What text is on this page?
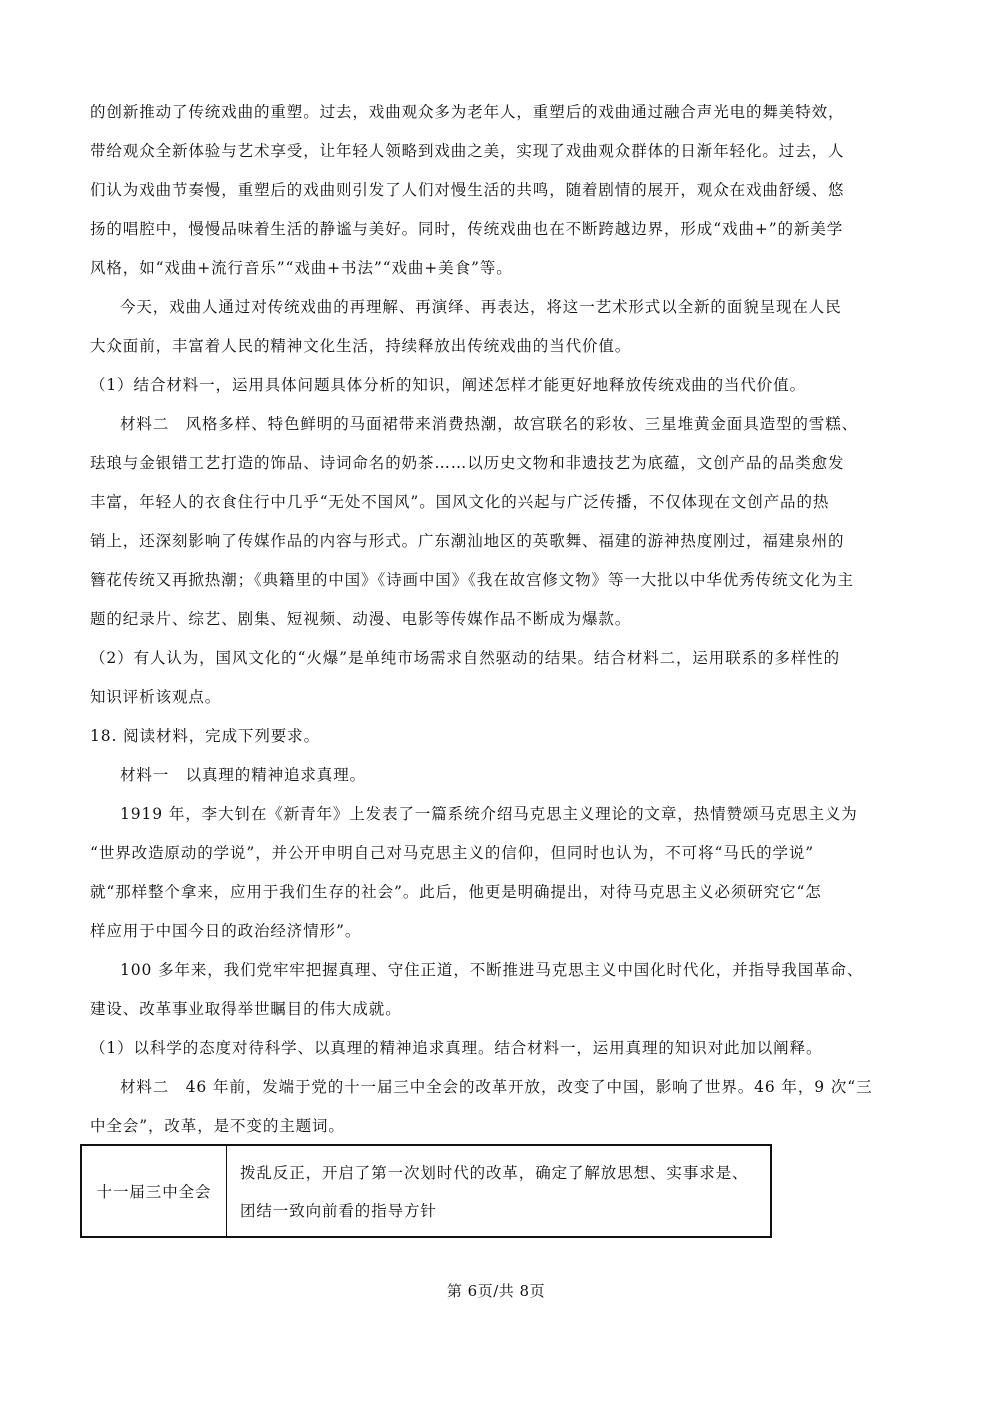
的创新推动了传统戏曲的重塑。过去，戏曲观众多为老年人，重塑后的戏曲通过融合声光电的舞美特效，
带给观众全新体验与艺术享受，让年轻人领略到戏曲之美，实现了戏曲观众群体的日渐年轻化。过去，人
们认为戏曲节奏慢，重塑后的戏曲则引发了人们对慢生活的共鸣，随着剧情的展开，观众在戏曲舒缓、悠
扬的唱腔中，慢慢品味着生活的静谧与美好。同时，传统戏曲也在不断跨越边界，形成“戏曲+”的新美学
风格，如“戏曲+流行音乐”“戏曲+书法”“戏曲+美食”等。
今天，戏曲人通过对传统戏曲的再理解、再演绎、再表达，将这一艺术形式以全新的面貌呈现在人民
大众面前，丰富着人民的精神文化生活，持续释放出传统戏曲的当代价值。
（1）结合材料一，运用具体问题具体分析的知识，阐述怎样才能更好地释放传统戏曲的当代价值。
材料二　风格多样、特色鲜明的马面裙带来消费热潮，故宫联名的彩妆、三星堆黄金面具造型的雪糕、
珐琅与金银错工艺打造的饰品、诗词命名的奶茶……以历史文物和非遗技艺为底蕴，文创产品的品类愈发
丰富，年轻人的衣食住行中几乎“无处不国风”。国风文化的兴起与广泛传播，不仅体现在文创产品的热
销上，还深刻影响了传媒作品的内容与形式。广东潮汕地区的英歌舞、福建的游神热度刚过，福建泉州的
簪花传统又再掀热潮；《典籍里的中国》《诗画中国》《我在故宫修文物》等一大批以中华优秀传统文化为主
题的纪录片、综艺、剧集、短视频、动漫、电影等传媒作品不断成为爆款。
（2）有人认为，国风文化的“火爆”是单纯市场需求自然驱动的结果。结合材料二，运用联系的多样性的
知识评析该观点。
18. 阅读材料，完成下列要求。
材料一　以真理的精神追求真理。
1919 年，李大钊在《新青年》上发表了一篇系统介绍马克思主义理论的文章，热情赞颂马克思主义为
“世界改造原动的学说”，并公开申明自己对马克思主义的信仰，但同时也认为，不可将“马氏的学说”
就“那样整个拿来，应用于我们生存的社会”。此后，他更是明确提出，对待马克思主义必须研究它“怎
样应用于中国今日的政治经济情形”。
100 多年来，我们党牢牢把握真理、守住正道，不断推进马克思主义中国化时代化，并指导我国革命、
建设、改革事业取得举世瞩目的伟大成就。
（1）以科学的态度对待科学、以真理的精神追求真理。结合材料一，运用真理的知识对此加以阐释。
材料二　46 年前，发端于党的十一届三中全会的改革开放，改变了中国，影响了世界。46 年，9 次“三
中全会”，改革，是不变的主题词。
十一届三中全会
拨乱反正，开启了第一次划时代的改革，确定了解放思想、实事求是、
团结一致向前看的指导方针
第 6页/共 8页
